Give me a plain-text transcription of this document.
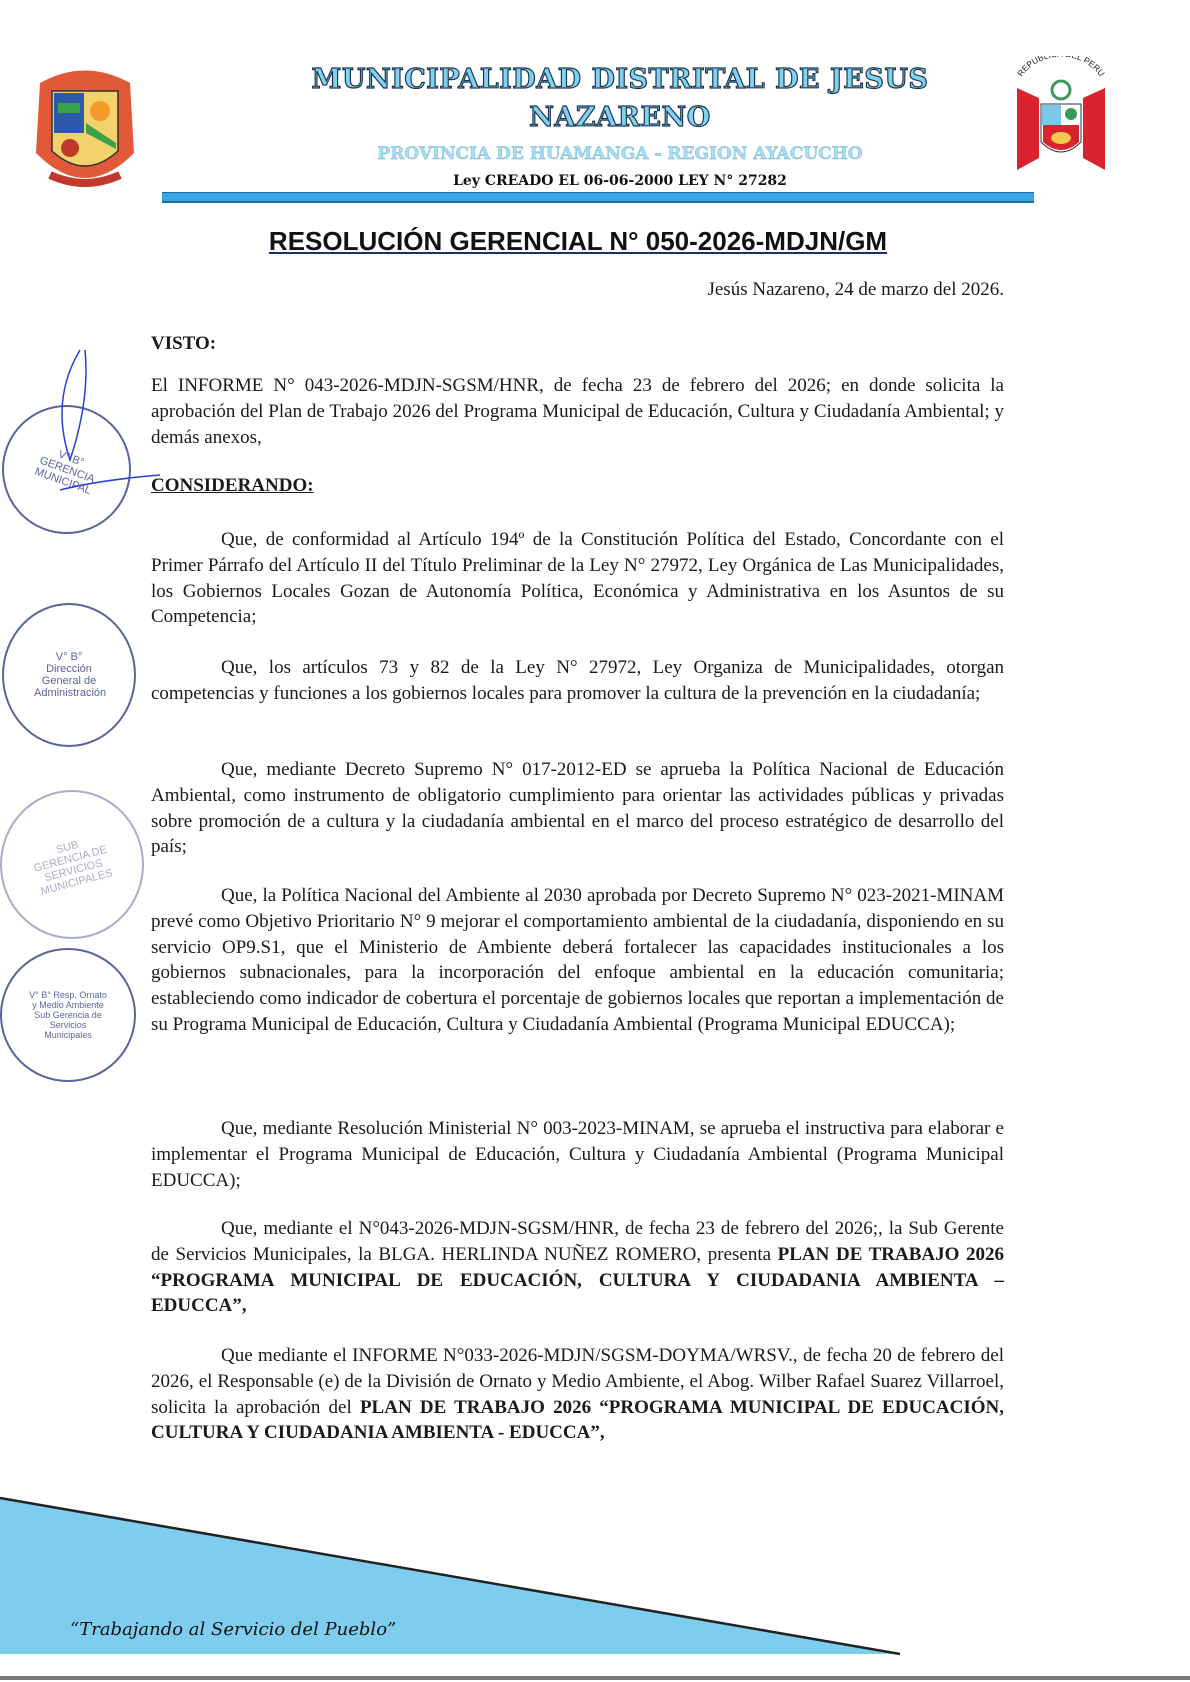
REPUB L PERU
MUNICIPALIDAD DISTRITAL DE JESUS
NAZARENO
PROVINCIA DE HUAMANGA - REGION AYACUCHO
Ley CREADO EL 06-06-2000 LEY N° 27282
RESOLUCIÓN GERENCIAL N° 050-2026-MDJN/GM
Jesús Nazareno, 24 de marzo del 2026.
VISTO:
El INFORME N° 043-2026-MDJN-SGSM/HNR, de fecha 23 de febrero del 2026; en donde solicita la aprobación del Plan de Trabajo 2026 del Programa Municipal de Educación, Cultura y Ciudadanía Ambiental; y demás anexos,
CONSIDERANDO:
Que, de conformidad al Artículo 194º de la Constitución Política del Estado, Concordante con el Primer Párrafo del Artículo II del Título Preliminar de la Ley N° 27972, Ley Orgánica de Las Municipalidades, los Gobiernos Locales Gozan de Autonomía Política, Económica y Administrativa en los Asuntos de su Competencia;
Que, los artículos 73 y 82 de la Ley N° 27972, Ley Organiza de Municipalidades, otorgan competencias y funciones a los gobiernos locales para promover la cultura de la prevención en la ciudadanía;
Que, mediante Decreto Supremo N° 017-2012-ED se aprueba la Política Nacional de Educación Ambiental, como instrumento de obligatorio cumplimiento para orientar las actividades públicas y privadas sobre promoción de a cultura y la ciudadanía ambiental en el marco del proceso estratégico de desarrollo del país;
Que, la Política Nacional del Ambiente al 2030 aprobada por Decreto Supremo N° 023-2021-MINAM prevé como Objetivo Prioritario N° 9 mejorar el comportamiento ambiental de la ciudadanía, disponiendo en su servicio OP9.S1, que el Ministerio de Ambiente deberá fortalecer las capacidades institucionales a los gobiernos subnacionales, para la incorporación del enfoque ambiental en la educación comunitaria; estableciendo como indicador de cobertura el porcentaje de gobiernos locales que reportan a implementación de su Programa Municipal de Educación, Cultura y Ciudadanía Ambiental (Programa Municipal EDUCCA);
Que, mediante Resolución Ministerial N° 003-2023-MINAM, se aprueba el instructiva para elaborar e implementar el Programa Municipal de Educación, Cultura y Ciudadanía Ambiental (Programa Municipal EDUCCA);
Que, mediante el N°043-2026-MDJN-SGSM/HNR, de fecha 23 de febrero del 2026;, la Sub Gerente de Servicios Municipales, la BLGA. HERLINDA NUÑEZ ROMERO, presenta PLAN DE TRABAJO 2026 “PROGRAMA MUNICIPAL DE EDUCACIÓN, CULTURA Y CIUDADANIA AMBIENTA – EDUCCA”,
Que mediante el INFORME N°033-2026-MDJN/SGSM-DOYMA/WRSV., de fecha 20 de febrero del 2026, el Responsable (e) de la División de Ornato y Medio Ambiente, el Abog. Wilber Rafael Suarez Villarroel, solicita la aprobación del PLAN DE TRABAJO 2026 “PROGRAMA MUNICIPAL DE EDUCACIÓN, CULTURA Y CIUDADANIA AMBIENTA - EDUCCA”,
V° B° GERENCIA MUNICIPAL
V° B° Dirección General de Administración
SUB GERENCIA DE SERVICIOS MUNICIPALES
V° B° Resp. Ornato y Medio Ambiente Sub Gerencia de Servicios Municipales
“Trabajando al Servicio del Pueblo”
